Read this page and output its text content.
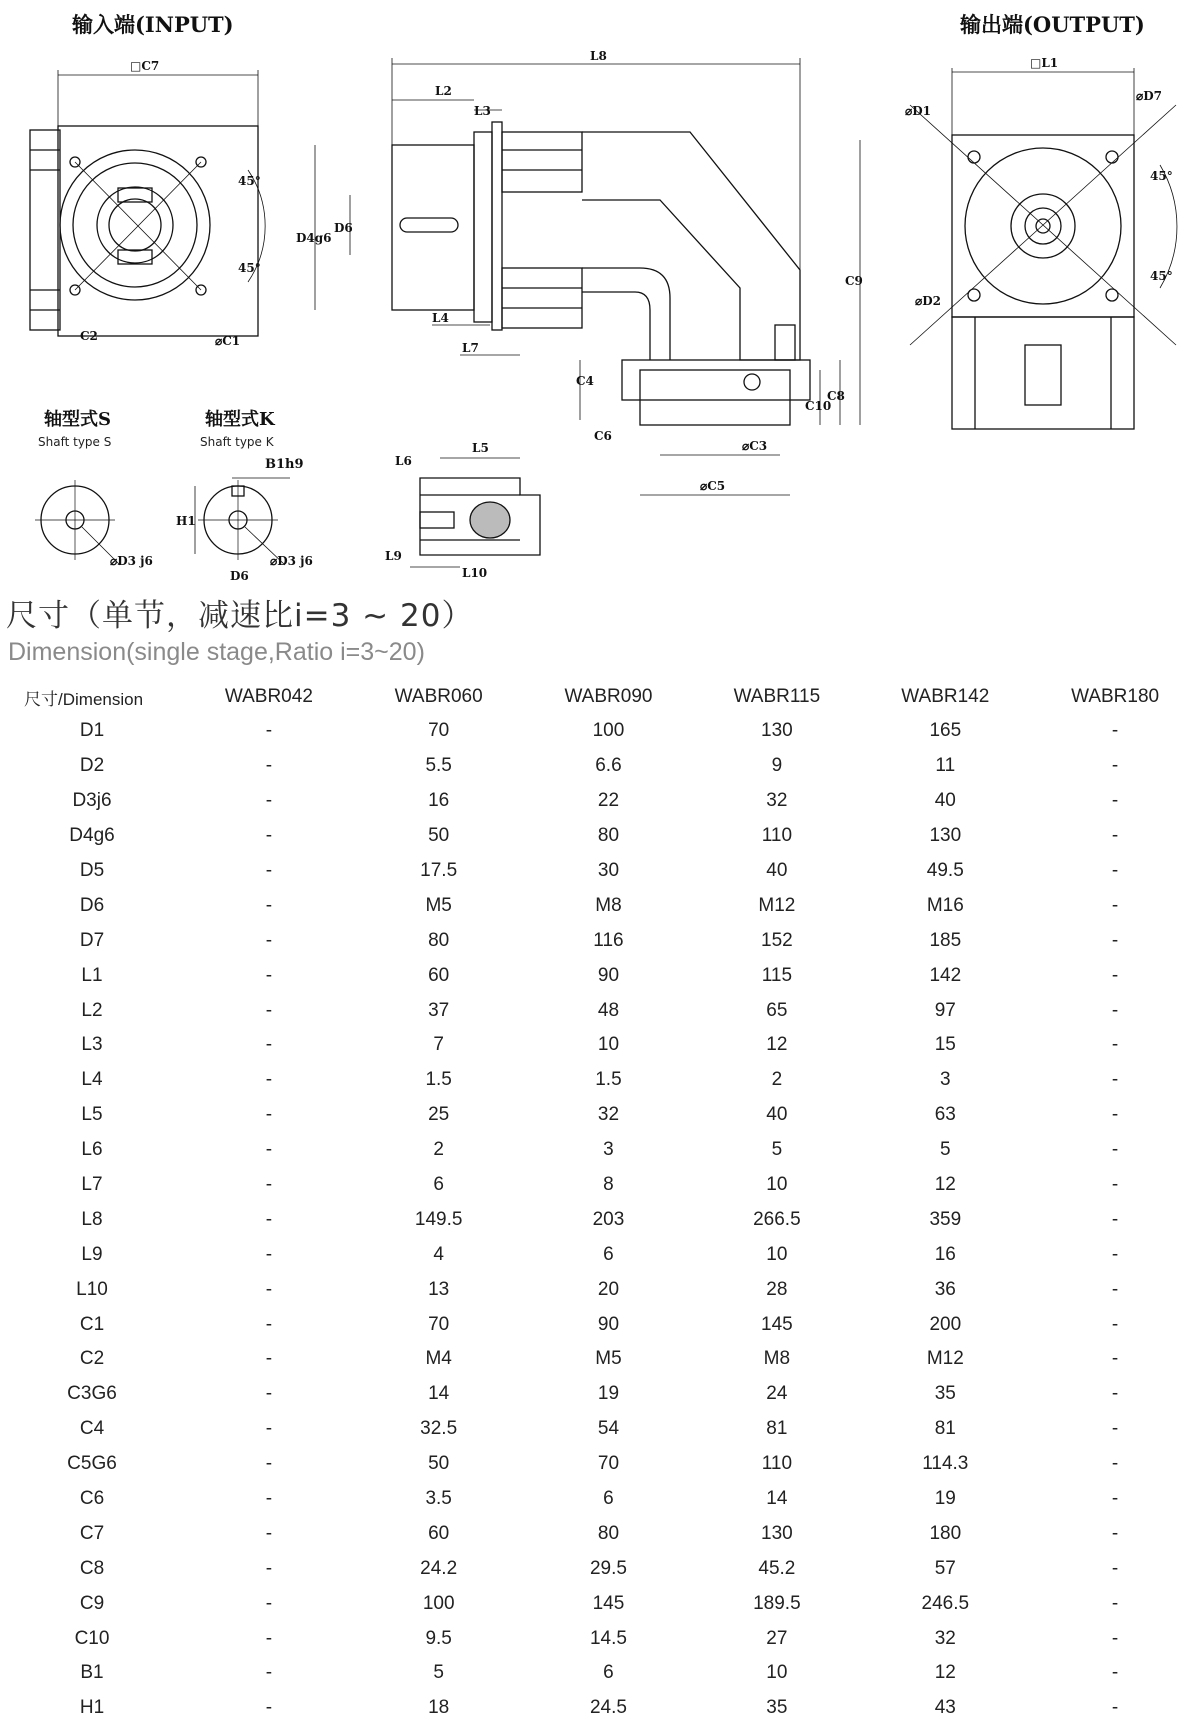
输入端(INPUT)	输出端(OUTPUT)
轴型式S
Shaft type S
轴型式K
Shaft type K
□C7
C2	⌀C1
45°
45°
L8
L2
L3
L4
L7
D4g6
D6
C9
C4
C6
C10
C8
⌀C3
⌀C5
□L1
⌀D1
⌀D7
⌀D2
45°
45°
⌀D3 j6	⌀D3 j6
B1h9
H1
D6
L6
L5
L9
L10
尺寸（单节，减速比i=3 ~ 20）
Dimension(single stage,Ratio i=3~20)
尺寸/Dimension	WABR042	WABR060	WABR090	WABR115	WABR142	WABR180
D1	-	70	100	130	165	-
D2	-	5.5	6.6	9	11	-
D3j6	-	16	22	32	40	-
D4g6	-	50	80	110	130	-
D5	-	17.5	30	40	49.5	-
D6	-	M5	M8	M12	M16	-
D7	-	80	116	152	185	-
L1	-	60	90	115	142	-
L2	-	37	48	65	97	-
L3	-	7	10	12	15	-
L4	-	1.5	1.5	2	3	-
L5	-	25	32	40	63	-
L6	-	2	3	5	5	-
L7	-	6	8	10	12	-
L8	-	149.5	203	266.5	359	-
L9	-	4	6	10	16	-
L10	-	13	20	28	36	-
C1	-	70	90	145	200	-
C2	-	M4	M5	M8	M12	-
C3G6	-	14	19	24	35	-
C4	-	32.5	54	81	81	-
C5G6	-	50	70	110	114.3	-
C6	-	3.5	6	14	19	-
C7	-	60	80	130	180	-
C8	-	24.2	29.5	45.2	57	-
C9	-	100	145	189.5	246.5	-
C10	-	9.5	14.5	27	32	-
B1	-	5	6	10	12	-
H1	-	18	24.5	35	43	-
